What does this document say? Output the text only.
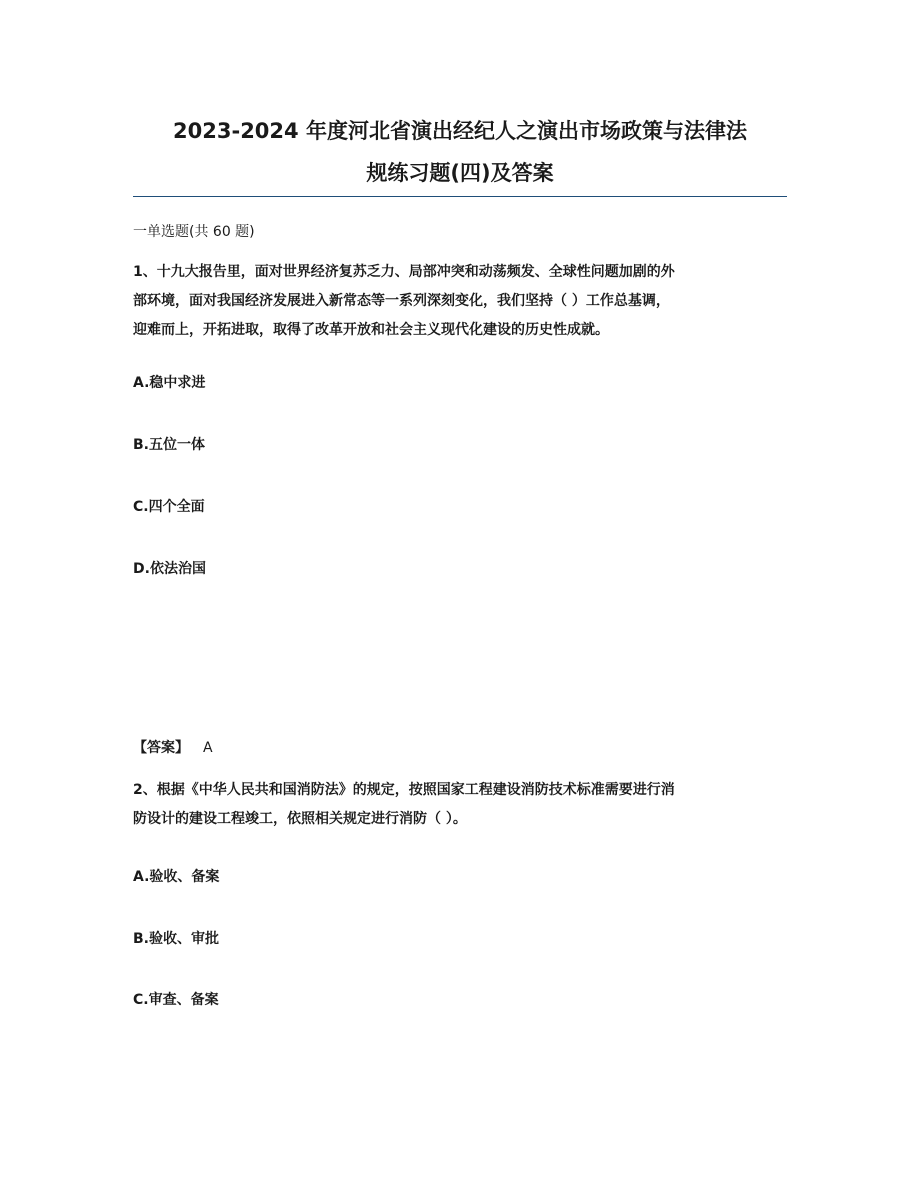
2023-2024 年度河北省演出经纪人之演出市场政策与法律法
规练习题(四)及答案
一单选题(共 60 题)
1、十九大报告里，面对世界经济复苏乏力、局部冲突和动荡频发、全球性问题加剧的外
部环境，面对我国经济发展进入新常态等一系列深刻变化，我们坚持（ ）工作总基调，
迎难而上，开拓进取，取得了改革开放和社会主义现代化建设的历史性成就。
A.稳中求进
B.五位一体
C.四个全面
D.依法治国
【答案】 A
2、根据《中华人民共和国消防法》的规定，按照国家工程建设消防技术标准需要进行消
防设计的建设工程竣工，依照相关规定进行消防（ ）。
A.验收、备案
B.验收、审批
C.审查、备案
